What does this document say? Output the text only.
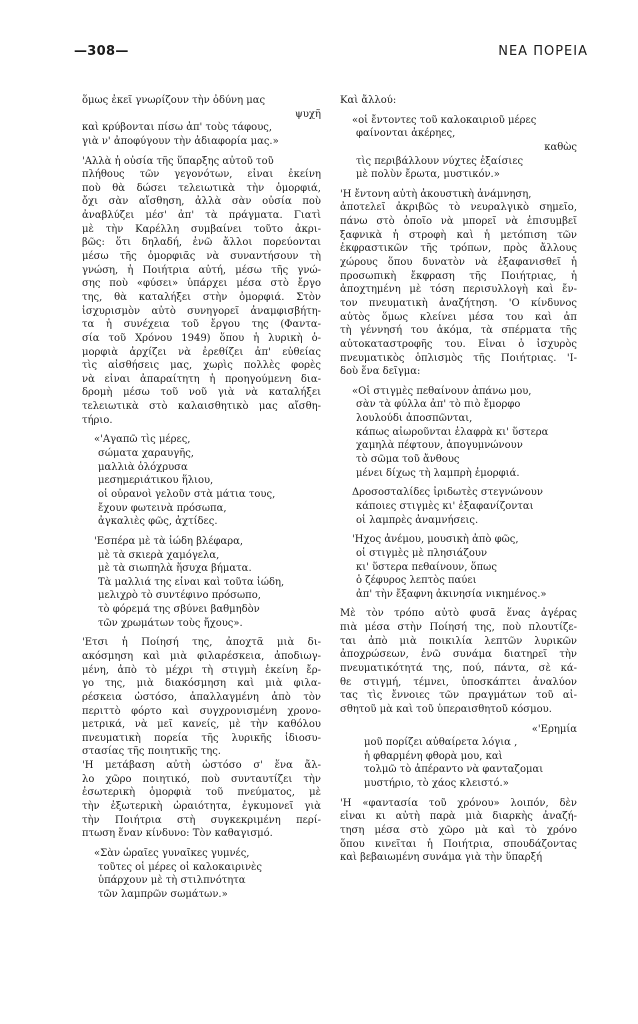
—308—	ΝΕΑ ΠΟΡΕΙΑ
ὅμως ἐκεῖ γνωρίζουν τὴν ὀδύνη μας
ψυχῆ
καὶ κρύβονται πίσω ἀπ' τοὺς τάφους,
γιὰ ν' ἀποφύγουν τὴν ἀδιαφορία μας.»
'Αλλὰ ἡ οὐσία τῆς ὕπαρξης αὐτοῦ τοῦ
πλήθους τῶν γεγονότων, εἶναι ἐκείνη
ποὺ θὰ δώσει τελειωτικὰ τὴν ὁμορφιά,
ὄχι σὰν αἴσθηση, ἀλλὰ σὰν οὐσία ποὺ
ἀναβλύζει μέσ' ἀπ' τὰ πράγματα. Γιατὶ
μὲ τὴν Καρέλλη συμβαίνει τοῦτο ἀκρι-
βῶς: ὅτι δηλαδή, ἐνῶ ἄλλοι πορεύονται
μέσω τῆς ὀμορφιᾶς νὰ συναντήσουν τὴ
γνώση, ἡ Ποιήτρια αὐτή, μέσω τῆς γνώ-
σης ποὺ «φύσει» ὑπάρχει μέσα στὸ ἔργο
της, θὰ καταλήξει στὴν ὀμορφιά. Στὸν
ἰσχυρισμὸν αὐτὸ συνηγορεῖ ἀναμφισβήτη-
τα ἡ συνέχεια τοῦ ἔργου της (Φαντα-
σία τοῦ Χρόνου 1949) ὅπου ἡ λυρικὴ ὁ-
μορφιὰ ἀρχίζει νὰ ἐρεθίζει ἀπ' εὐθείας
τὶς αἰσθήσεις μας, χωρὶς πολλὲς φορὲς
νὰ εἶναι ἀπαραίτητη ἡ προηγούμενη δια-
δρομὴ μέσω τοῦ νοῦ γιὰ νὰ καταλήξει
τελειωτικὰ στὸ καλαισθητικὸ μας αἴσθη-
τήριο.
«'Αγαπῶ τὶς μέρες,
σώματα χαραυγῆς,
μαλλιὰ ὁλόχρυσα
μεσημεριάτικου ἥλιου,
οἱ οὐρανοὶ γελοῦν στὰ μάτια τους,
ἔχουν φωτεινὰ πρόσωπα,
ἀγκαλιὲς φῶς, ἀχτίδες.
'Εσπέρα μὲ τὰ ἰώδη βλέφαρα,
μὲ τὰ σκιερὰ χαμόγελα,
μὲ τὰ σιωπηλὰ ἥσυχα βήματα.
Τὰ μαλλιά της εἶναι καὶ τοῦτα ἰώδη,
μελιχρὸ τὸ συντέφινο πρόσωπο,
τὸ φόρεμά της σβύνει βαθμηδὸν
τῶν χρωμάτων τοὺς ἤχους».
'Ετσι ἡ Ποίησή της, ἀποχτᾶ μιὰ δι-
ακόσμηση καὶ μιὰ φιλαρέσκεια, ἀποδιωγ-
μένη, ἀπὸ τὸ μέχρι τὴ στιγμὴ ἐκείνη ἔρ-
γο της, μιὰ διακόσμηση καὶ μιὰ φιλα-
ρέσκεια ὡστόσο, ἀπαλλαγμένη ἀπὸ τὸν
περιττὸ φόρτο καὶ συγχρονισμένη χρονο-
μετρικά, νὰ μεῖ κανείς, μὲ τὴν καθόλου
πνευματικὴ πορεία τῆς λυρικῆς ἰδιοσυ-
στασίας τῆς ποιητικῆς της.
'Η μετάβαση αὐτὴ ὡστόσο σ' ἕνα ἄλ-
λο χῶρο ποιητικό, ποὺ συνταυτίζει τὴν
ἐσωτερικὴ ὁμορφιὰ τοῦ πνεύματος, μὲ
τὴν ἐξωτερικὴ ὡραιότητα, ἐγκυμονεῖ γιὰ
τὴν Ποιήτρια στὴ συγκεκριμένη περί-
πτωση ἕναν κίνδυνο: Τὸν καθαγισμό.
«Σὰν ὡραῖες γυναῖκες γυμνές,
τοῦτες οἱ μέρες οἱ καλοκαιρινὲς
ὑπάρχουν μὲ τὴ στιλπνότητα
τῶν λαμπρῶν σωμάτων.»
Καὶ ἄλλού:
«οἱ ἔντοντες τοῦ καλοκαιριοῦ μέρες
φαίνονται ἀκέρηες,
καθὼς
τὶς περιβάλλουν νύχτες ἐξαίσιες
μὲ πολὺν ἔρωτα, μυστικόν.»
'Η ἔντονη αὐτὴ ἀκουστικὴ ἀνάμνηση,
ἀποτελεῖ ἀκριβῶς τὸ νευραλγικὸ σημεῖο,
πάνω στὸ ὁποῖο νὰ μπορεῖ νὰ ἐπισυμβεῖ
ξαφνικὰ ἡ στροφὴ καὶ ἡ μετόπιση τῶν
ἐκφραστικῶν τῆς τρόπων, πρὸς ἄλλους
χώρους ὅπου δυνατὸν νὰ ἐξαφανισθεῖ ἡ
προσωπικὴ ἔκφραση τῆς Ποιήτριας, ἡ
ἀποχτημένη μὲ τόση περισυλλογὴ καὶ ἔν-
τον πνευματικὴ ἀναζήτηση. 'Ο κίνδυνος
αὐτὸς ὅμως κλείνει μέσα του καὶ ἀπ
τὴ γέννησή του ἀκόμα, τὰ σπέρματα τῆς
αὐτοκαταστροφῆς του. Εἶναι ὁ ἰσχυρὸς
πνευματικὸς ὁπλισμὸς τῆς Ποιήτριας. 'Ι-
δοὺ ἕνα δεῖγμα:
«Οἱ στιγμὲς πεθαίνουν ἀπάνω μου,
σὰν τὰ φύλλα ἀπ' τὸ πιὸ ἔμορφο
λουλούδι ἀποσπῶνται,
κάπως αἰωροῦνται ἐλαφρὰ κι' ὕστερα
χαμηλὰ πέφτουν, ἀπογυμνώνουν
τὸ σῶμα τοῦ ἄνθους
μένει δίχως τὴ λαμπρὴ ἐμορφιά.
Δροσοσταλίδες ἰριδωτὲς στεγνώνουν
κάποιες στιγμὲς κι' ἐξαφανίζονται
οἱ λαμπρὲς ἀναμνήσεις.
'Ηχος ἀνέμου, μουσικὴ ἀπὸ φῶς,
οἱ στιγμὲς μὲ πλησιάζουν
κι' ὕστερα πεθαίνουν, ὅπως
ὁ ζέφυρος λεπτὸς παύει
ἀπ' τὴν ἔξαφνη ἀκινησία νικημένος.»
Μὲ τὸν τρόπο αὐτὸ φυσᾶ ἕνας ἀγέρας
πιὰ μέσα στὴν Ποίησή της, ποὺ πλουτίζε-
ται ἀπὸ μιὰ ποικιλία λεπτῶν λυρικῶν
ἀποχρώσεων, ἐνῶ συνάμα διατηρεῖ τὴν
πνευματικότητά της, πού, πάντα, σὲ κά-
θε στιγμή, τέμνει, ὑποσκάπτει ἀναλύον
τας τὶς ἔννοιες τῶν πραγμάτων τοῦ αἰ-
σθητοῦ μὰ καὶ τοῦ ὑπεραισθητοῦ κόσμου.
«'Ερημία
μοῦ πορίζει αὐθαίρετα λόγια ,
ἡ φθαρμένη φθορὰ μου, καὶ
τολμῶ τὸ ἀπέραντο νὰ φανταζομαι
μυστήριο, τὸ χάος κλειστό.»
'Η «φαντασία τοῦ χρόνου» λοιπόν, δὲν
εἶναι κι αὐτὴ παρὰ μιὰ διαρκὴς ἀναζή-
τηση μέσα στὸ χῶρο μὰ καὶ τὸ χρόνο
ὅπου κινεῖται ἡ Ποιήτρια, σπουδάζοντας
καὶ βεβαιωμένη συνάμα γιὰ τὴν ὕπαρξή
